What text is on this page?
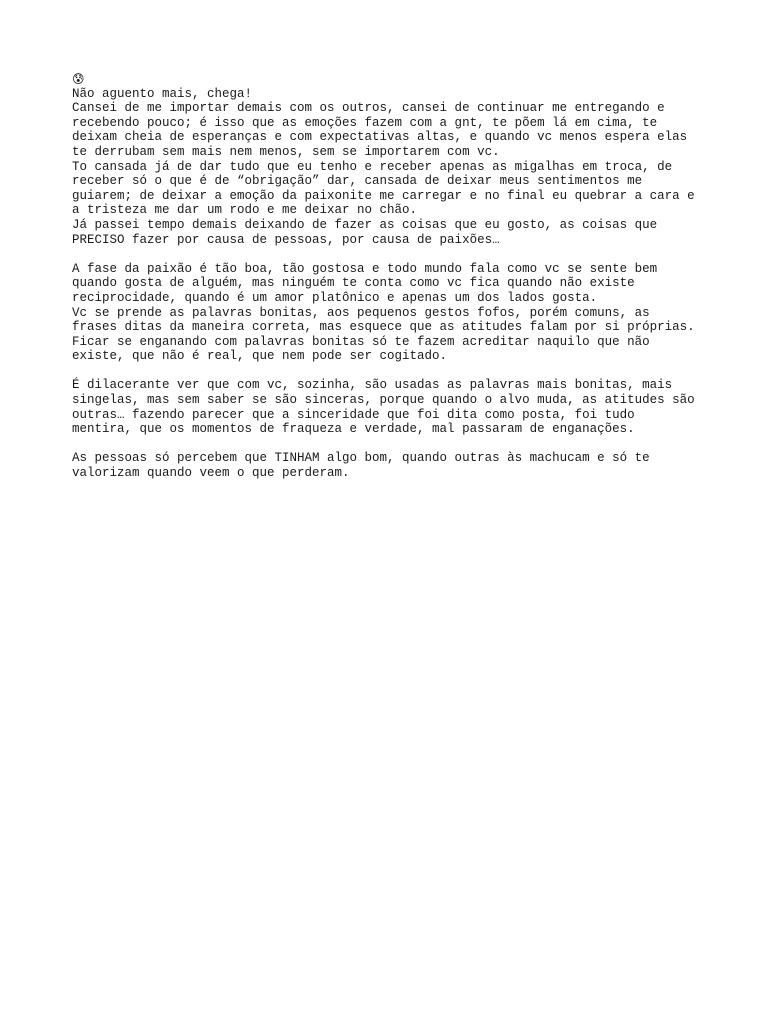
😰
Não aguento mais, chega!
Cansei de me importar demais com os outros, cansei de continuar me entregando e
recebendo pouco; é isso que as emoções fazem com a gnt, te põem lá em cima, te
deixam cheia de esperanças e com expectativas altas, e quando vc menos espera elas
te derrubam sem mais nem menos, sem se importarem com vc.
To cansada já de dar tudo que eu tenho e receber apenas as migalhas em troca, de
receber só o que é de “obrigação” dar, cansada de deixar meus sentimentos me
guiarem; de deixar a emoção da paixonite me carregar e no final eu quebrar a cara e
a tristeza me dar um rodo e me deixar no chão.
Já passei tempo demais deixando de fazer as coisas que eu gosto, as coisas que
PRECISO fazer por causa de pessoas, por causa de paixões…
A fase da paixão é tão boa, tão gostosa e todo mundo fala como vc se sente bem
quando gosta de alguém, mas ninguém te conta como vc fica quando não existe
reciprocidade, quando é um amor platônico e apenas um dos lados gosta.
Vc se prende as palavras bonitas, aos pequenos gestos fofos, porém comuns, as
frases ditas da maneira correta, mas esquece que as atitudes falam por si próprias.
Ficar se enganando com palavras bonitas só te fazem acreditar naquilo que não
existe, que não é real, que nem pode ser cogitado.
É dilacerante ver que com vc, sozinha, são usadas as palavras mais bonitas, mais
singelas, mas sem saber se são sinceras, porque quando o alvo muda, as atitudes são
outras… fazendo parecer que a sinceridade que foi dita como posta, foi tudo
mentira, que os momentos de fraqueza e verdade, mal passaram de enganações.
As pessoas só percebem que TINHAM algo bom, quando outras às machucam e só te
valorizam quando veem o que perderam.
